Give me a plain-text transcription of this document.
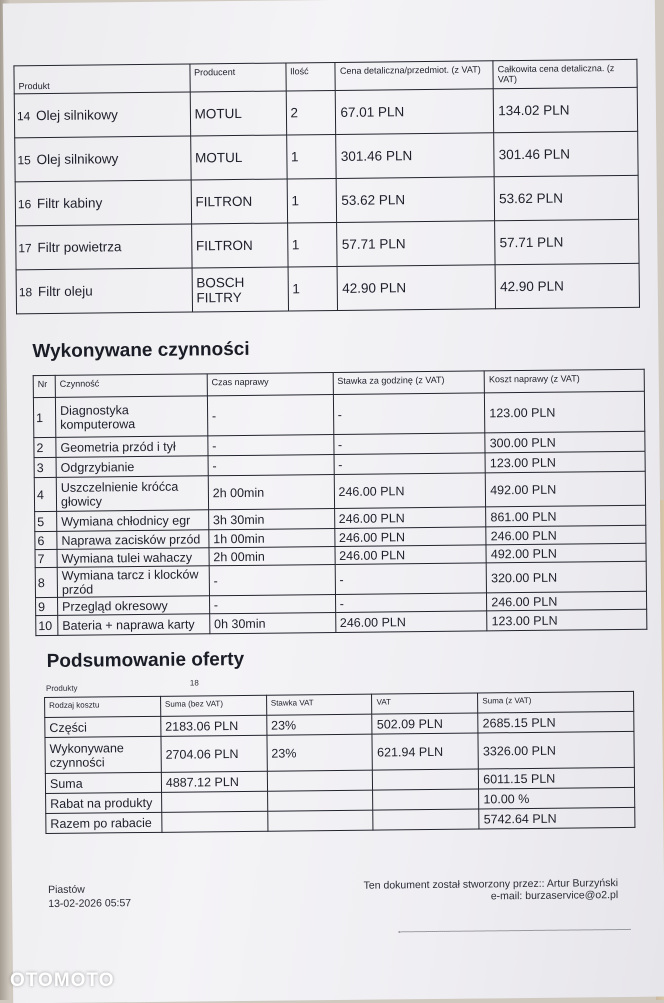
Produkt	Producent	Ilość	Cena detaliczna/przedmiot. (z VAT)	Całkowita cena detaliczna. (z VAT)
14 Olej silnikowy	MOTUL	2	67.01 PLN	134.02 PLN
15 Olej silnikowy	MOTUL	1	301.46 PLN	301.46 PLN
16 Filtr kabiny	FILTRON	1	53.62 PLN	53.62 PLN
17 Filtr powietrza	FILTRON	1	57.71 PLN	57.71 PLN
18 Filtr oleju	BOSCH FILTRY	1	42.90 PLN	42.90 PLN
Wykonywane czynności
Nr	Czynność	Czas naprawy	Stawka za godzinę (z VAT)	Koszt naprawy (z VAT)
1	Diagnostyka komputerowa	-	-	123.00 PLN
2	Geometria przód i tył	-	-	300.00 PLN
3	Odgrzybianie	-	-	123.00 PLN
4	Uszczelnienie króćca głowicy	2h 00min	246.00 PLN	492.00 PLN
5	Wymiana chłodnicy egr	3h 30min	246.00 PLN	861.00 PLN
6	Naprawa zacisków przód	1h 00min	246.00 PLN	246.00 PLN
7	Wymiana tulei wahaczy	2h 00min	246.00 PLN	492.00 PLN
8	Wymiana tarcz i klocków przód	-	-	320.00 PLN
9	Przegląd okresowy	-	-	246.00 PLN
10	Bateria + naprawa karty	0h 30min	246.00 PLN	123.00 PLN
Podsumowanie oferty
Produkty
18
Rodzaj kosztu	Suma (bez VAT)	Stawka VAT	VAT	Suma (z VAT)
Części	2183.06 PLN	23%	502.09 PLN	2685.15 PLN
Wykonywane czynności	2704.06 PLN	23%	621.94 PLN	3326.00 PLN
Suma	4887.12 PLN			6011.15 PLN
Rabat na produkty				10.00 %
Razem po rabacie				5742.64 PLN
Piastów
13-02-2026 05:57
Ten dokument został stworzony przez:: Artur Burzyński
e-mail: burzaservice@o2.pl
OTOMOTO
